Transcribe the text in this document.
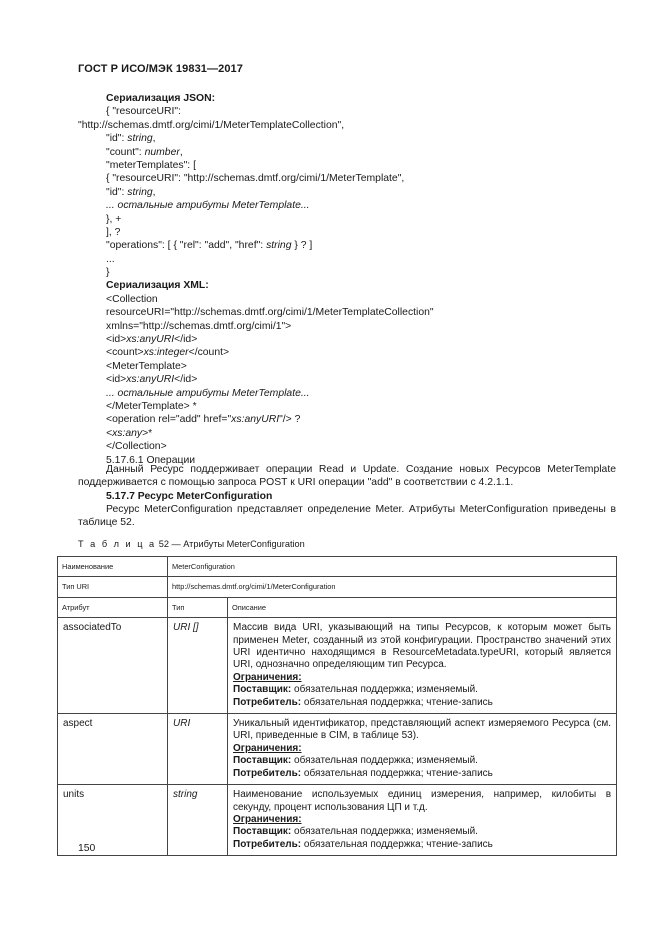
ГОСТ Р ИСО/МЭК 19831—2017
Сериализация JSON:
{ "resourceURI":
"http://schemas.dmtf.org/cimi/1/MeterTemplateCollection",
"id": string,
"count": number,
"meterTemplates": [
{ "resourceURI": "http://schemas.dmtf.org/cimi/1/MeterTemplate",
"id": string,
... остальные атрибуты MeterTemplate...
}, +
], ?
"operations": [ { "rel": "add", "href": string } ? ]
...
}
Сериализация XML:
<Collection
resourceURI="http://schemas.dmtf.org/cimi/1/MeterTemplateCollection"
xmlns="http://schemas.dmtf.org/cimi/1">
<id>xs:anyURI</id>
<count>xs:integer</count>
<MeterTemplate>
<id>xs:anyURI</id>
... остальные атрибуты MeterTemplate...
</MeterTemplate> *
<operation rel="add" href="xs:anyURI"/> ?
<xs:any>*
</Collection>
5.17.6.1 Операции
Данный Ресурс поддерживает операции Read и Update. Создание новых Ресурсов MeterTemplate поддерживается с помощью запроса POST к URI операции "add" в соответствии с 4.2.1.1.
5.17.7 Ресурс MeterConfiguration
Ресурс MeterConfiguration представляет определение Meter. Атрибуты MeterConfiguration приведены в таблице 52.
Т а б л и ц а 52 — Атрибуты MeterConfiguration
Наименование	MeterConfiguration	
Тип URI	http://schemas.dmtf.org/cimi/1/MeterConfiguration	
Атрибут	Тип	Описание
associatedTo	URI []	Массив вида URI, указывающий на типы Ресурсов, к которым может быть применен Meter, созданный из этой конфигурации. Пространство значений этих URI идентично находящимся в ResourceMetadata.typeURI, который является URI, однозначно определяющим тип Ресурса.
Ограничения:
Поставщик: обязательная поддержка; изменяемый.
Потребитель: обязательная поддержка; чтение-запись

aspect	URI	Уникальный идентификатор, представляющий аспект измеряемого Ресурса (см. URI, приведенные в CIM, в таблице 53).
Ограничения:
Поставщик: обязательная поддержка; изменяемый.
Потребитель: обязательная поддержка; чтение-запись

units	string	Наименование используемых единиц измерения, например, килобиты в секунду, процент использования ЦП и т.д.
Ограничения:
Поставщик: обязательная поддержка; изменяемый.
Потребитель: обязательная поддержка; чтение-запись
150
